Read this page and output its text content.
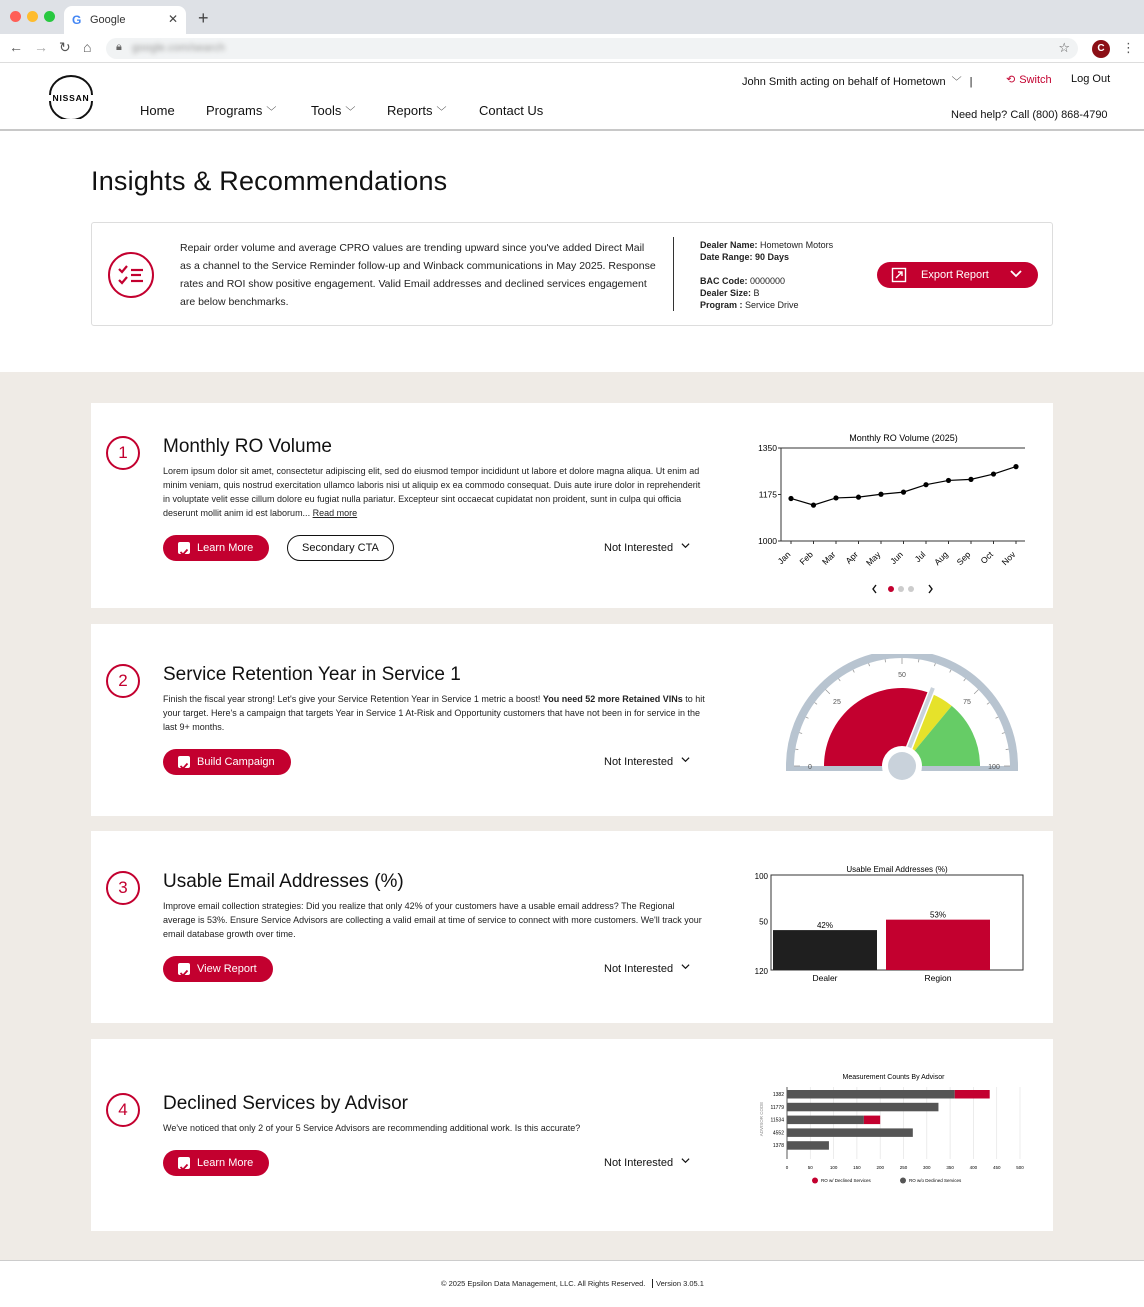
G Google	✕ +
← → ↻ ⌂ 🔒︎ google.com/search	☆	C	⋮
NISSAN
Home Programs ﹀	Tools ﹀ Reports ﹀ Contact Us
John Smith acting on behalf of Hometown ﹀ |	⟲ Switch Log Out
Need help? Call (800) 868-4790
Insights & Recommendations

Repair order volume and average CPRO values are trending upward since you've added Direct Mail as a channel to the Service Reminder follow-up and Winback communications in May 2025. Response rates and ROI show positive engagement. Valid Email addresses and declined services engagement are below benchmarks.

Dealer Name: Hometown Motors
Date Range: 90 Days
BAC Code: 0000000
Dealer Size: B
Program : Service Drive
Export Report
1	Monthly RO Volume

Lorem ipsum dolor sit amet, consectetur adipiscing elit, sed do eiusmod tempor incididunt ut labore et dolore magna aliqua. Ut enim ad minim veniam, quis nostrud exercitation ullamco laboris nisi ut aliquip ex ea commodo consequat. Duis aute irure dolor in reprehenderit in voluptate velit esse cillum dolore eu fugiat nulla pariatur. Excepteur sint occaecat cupidatat non proident, sunt in culpa qui officia deserunt mollit anim id est laborum... Read more

Learn More	Secondary CTA	Not Interested
Monthly RO Volume (2025)
1350
1175
1000
Jan Feb Mar Apr May Jun Jul Aug Sep Oct Nov
2	Service Retention Year in Service 1

Finish the fiscal year strong! Let's give your Service Retention Year in Service 1 metric a boost! You need 52 more Retained VINs to hit your target. Here's a campaign that targets Year in Service 1 At-Risk and Opportunity customers that have not been in for service in the last 9+ months.

Build Campaign	Not Interested	0
25
50
75
100
3	Usable Email Addresses (%)

Improve email collection strategies: Did you realize that only 42% of your customers have a usable email address? The Regional average is 53%. Ensure Service Advisors are collecting a valid email at time of service to connect with more customers. We'll track your email database growth over time.

View Report	Not Interested
Usable Email Addresses (%)
100
50
120
42%
Dealer
53%
Region
4	Declined Services by Advisor

We've noticed that only 2 of your 5 Service Advisors are recommending additional work. Is this accurate?

Learn More	Not Interested
Measurement Counts By Advisor
0	50	100	150	200	250	300	350	400	450	500
ADVISOR CODE
1382
11779
11534
4552
1378
RO w/ Declined Services	RO w/o Declined Services
© 2025 Epsilon Data Management, LLC. All Rights Reserved.	Version 3.05.1
